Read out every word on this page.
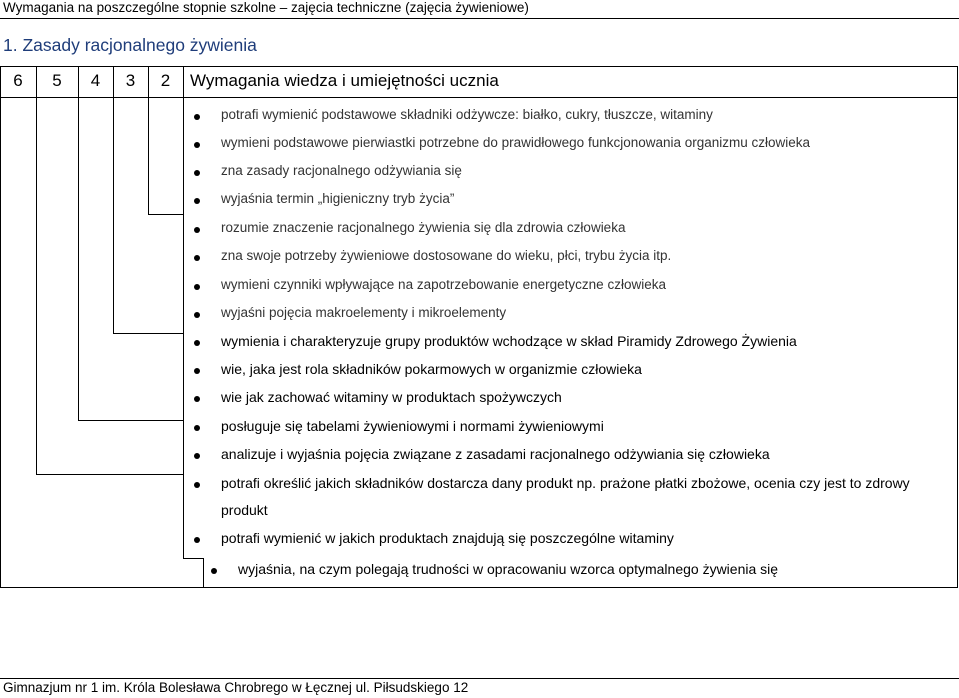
Wymagania na poszczególne stopnie szkolne – zajęcia techniczne (zajęcia żywieniowe)
1. Zasady racjonalnego żywienia
6	5	4	3	2	Wymagania wiedza i umiejętności ucznia
potrafi wymienić podstawowe składniki odżywcze: białko, cukry, tłuszcze, witaminy
wymieni podstawowe pierwiastki potrzebne do prawidłowego funkcjonowania organizmu człowieka
zna zasady racjonalnego odżywiania się
wyjaśnia termin „higieniczny tryb życia”
rozumie znaczenie racjonalnego żywienia się dla zdrowia człowieka
zna swoje potrzeby żywieniowe dostosowane do wieku, płci, trybu życia itp.
wymieni czynniki wpływające na zapotrzebowanie energetyczne człowieka
wyjaśni pojęcia makroelementy i mikroelementy
wymienia i charakteryzuje grupy produktów wchodzące w skład Piramidy Zdrowego Żywienia
wie, jaka jest rola składników pokarmowych w organizmie człowieka
wie jak zachować witaminy w produktach spożywczych
posługuje się tabelami żywieniowymi i normami żywieniowymi
analizuje i wyjaśnia pojęcia związane z zasadami racjonalnego odżywiania się człowieka
potrafi określić jakich składników dostarcza dany produkt np. prażone płatki zbożowe, ocenia czy jest to zdrowy
produkt
potrafi wymienić w jakich produktach znajdują się poszczególne witaminy
wyjaśnia, na czym polegają trudności w opracowaniu wzorca optymalnego żywienia się
Gimnazjum nr 1 im. Króla Bolesława Chrobrego w Łęcznej ul. Piłsudskiego 12
